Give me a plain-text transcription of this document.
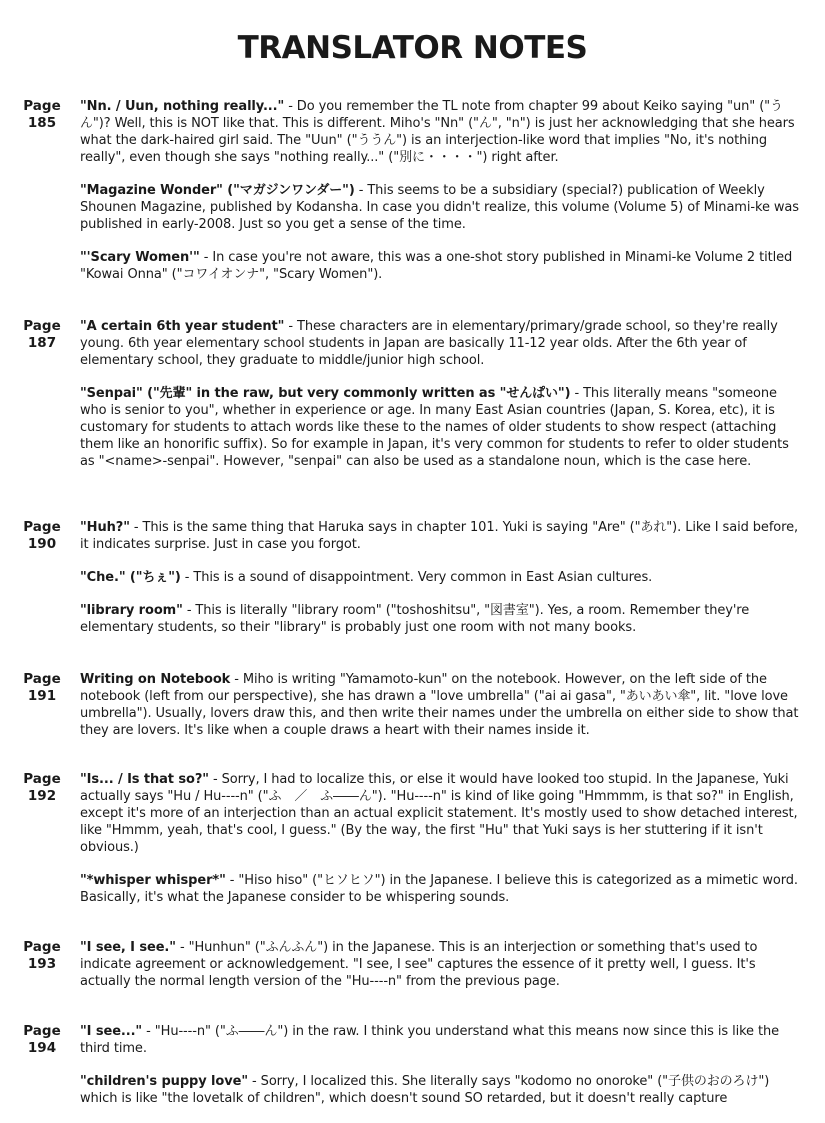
TRANSLATOR NOTES
Page
185

"Nn. / Uun, nothing really..." - Do you remember the TL note from chapter 99 about Keiko saying "un" ("うん")? Well, this is NOT like that. This is different. Miho's "Nn" ("ん", "n") is just her acknowledging that she hears what the dark-haired girl said. The "Uun" ("ううん") is an interjection-like word that implies "No, it's nothing really", even though she says "nothing really..." ("別に・・・・") right after.

"Magazine Wonder" ("マガジンワンダー") - This seems to be a subsidiary (special?) publication of Weekly Shounen Magazine, published by Kodansha. In case you didn't realize, this volume (Volume 5) of Minami-ke was published in early-2008. Just so you get a sense of the time.

"'Scary Women'" - In case you're not aware, this was a one-shot story published in Minami-ke Volume 2 titled "Kowai Onna" ("コワイオンナ", "Scary Women").

Page
187

"A certain 6th year student" - These characters are in elementary/primary/grade school, so they're really young. 6th year elementary school students in Japan are basically 11-12 year olds. After the 6th year of elementary school, they graduate to middle/junior high school.

"Senpai" ("先輩" in the raw, but very commonly written as "せんぱい") - This literally means "someone who is senior to you", whether in experience or age. In many East Asian countries (Japan, S. Korea, etc), it is customary for students to attach words like these to the names of older students to show respect (attaching them like an honorific suffix). So for example in Japan, it's very common for students to refer to older students as "<name>-senpai". However, "senpai" can also be used as a standalone noun, which is the case here.

Page
190

"Huh?" - This is the same thing that Haruka says in chapter 101. Yuki is saying "Are" ("あれ"). Like I said before, it indicates surprise. Just in case you forgot.

"Che." ("ちぇ") - This is a sound of disappointment. Very common in East Asian cultures.

"library room" - This is literally "library room" ("toshoshitsu", "図書室"). Yes, a room. Remember they're elementary students, so their "library" is probably just one room with not many books.

Page
191

Writing on Notebook - Miho is writing "Yamamoto-kun" on the notebook. However, on the left side of the notebook (left from our perspective), she has drawn a "love umbrella" ("ai ai gasa", "あいあい傘", lit. "love love umbrella"). Usually, lovers draw this, and then write their names under the umbrella on either side to show that they are lovers. It's like when a couple draws a heart with their names inside it.

Page
192

"Is... / Is that so?" - Sorry, I had to localize this, or else it would have looked too stupid. In the Japanese, Yuki actually says "Hu / Hu----n" ("ふ　／　ふ――ん"). "Hu----n" is kind of like going "Hmmmm, is that so?" in English, except it's more of an interjection than an actual explicit statement. It's mostly used to show detached interest, like "Hmmm, yeah, that's cool, I guess." (By the way, the first "Hu" that Yuki says is her stuttering if it isn't obvious.)

"*whisper whisper*" - "Hiso hiso" ("ヒソヒソ") in the Japanese. I believe this is categorized as a mimetic word. Basically, it's what the Japanese consider to be whispering sounds.

Page
193

"I see, I see." - "Hunhun" ("ふんふん") in the Japanese. This is an interjection or something that's used to indicate agreement or acknowledgement. "I see, I see" captures the essence of it pretty well, I guess. It's actually the normal length version of the "Hu----n" from the previous page.

Page
194

"I see..." - "Hu----n" ("ふ――ん") in the raw. I think you understand what this means now since this is like the third time.

"children's puppy love" - Sorry, I localized this. She literally says "kodomo no onoroke" ("子供のおのろけ") which is like "the lovetalk of children", which doesn't sound SO retarded, but it doesn't really capture
